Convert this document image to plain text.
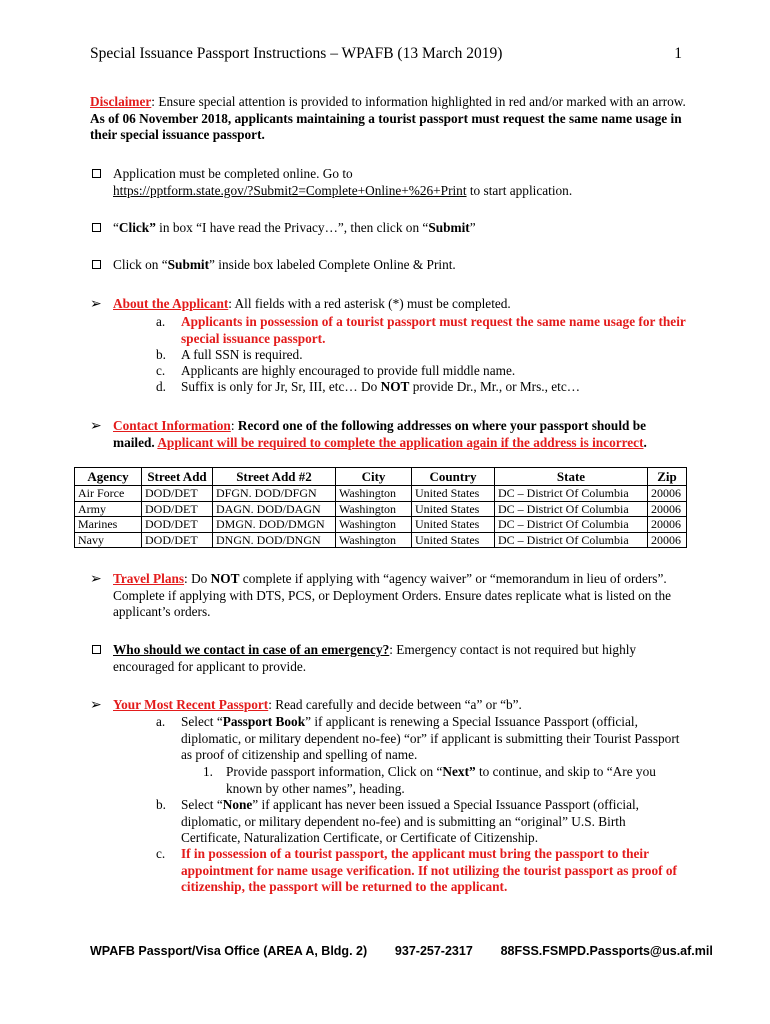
Special Issuance Passport Instructions – WPAFB (13 March 2019)	1
Disclaimer: Ensure special attention is provided to information highlighted in red and/or marked with an arrow. As of 06 November 2018, applicants maintaining a tourist passport must request the same name usage in their special issuance passport.
Application must be completed online. Go to
https://pptform.state.gov/?Submit2=Complete+Online+%26+Print to start application.
“Click” in box “I have read the Privacy…”, then click on “Submit”
Click on “Submit” inside box labeled Complete Online & Print.
➢ About the Applicant: All fields with a red asterisk (*) must be completed.
a.	Applicants in possession of a tourist passport must request the same name usage for their special issuance passport.
b.	A full SSN is required.
c.	Applicants are highly encouraged to provide full middle name.
d.	Suffix is only for Jr, Sr, III, etc… Do NOT provide Dr., Mr., or Mrs., etc…
➢ Contact Information: Record one of the following addresses on where your passport should be mailed. Applicant will be required to complete the application again if the address is incorrect.
Agency	Street Add	Street Add #2	City	Country	State	Zip
Air Force	DOD/DET	DFGN. DOD/DFGN	Washington	United States	DC – District Of Columbia	20006
Army	DOD/DET	DAGN. DOD/DAGN	Washington	United States	DC – District Of Columbia	20006
Marines	DOD/DET	DMGN. DOD/DMGN	Washington	United States	DC – District Of Columbia	20006
Navy	DOD/DET	DNGN. DOD/DNGN	Washington	United States	DC – District Of Columbia	20006
➢ Travel Plans: Do NOT complete if applying with “agency waiver” or “memorandum in lieu of orders”. Complete if applying with DTS, PCS, or Deployment Orders. Ensure dates replicate what is listed on the applicant’s orders.
Who should we contact in case of an emergency?: Emergency contact is not required but highly encouraged for applicant to provide.
➢ Your Most Recent Passport: Read carefully and decide between “a” or “b”.
a.	Select “Passport Book” if applicant is renewing a Special Issuance Passport (official, diplomatic, or military dependent no-fee) “or” if applicant is submitting their Tourist Passport as proof of citizenship and spelling of name.
1. Provide passport information, Click on “Next” to continue, and skip to “Are you known by other names”, heading.
b.	Select “None” if applicant has never been issued a Special Issuance Passport (official, diplomatic, or military dependent no-fee) and is submitting an “original” U.S. Birth Certificate, Naturalization Certificate, or Certificate of Citizenship.
c.	If in possession of a tourist passport, the applicant must bring the passport to their appointment for name usage verification. If not utilizing the tourist passport as proof of citizenship, the passport will be returned to the applicant.
WPAFB Passport/Visa Office (AREA A, Bldg. 2) 937-257-2317 88FSS.FSMPD.Passports@us.af.mil
